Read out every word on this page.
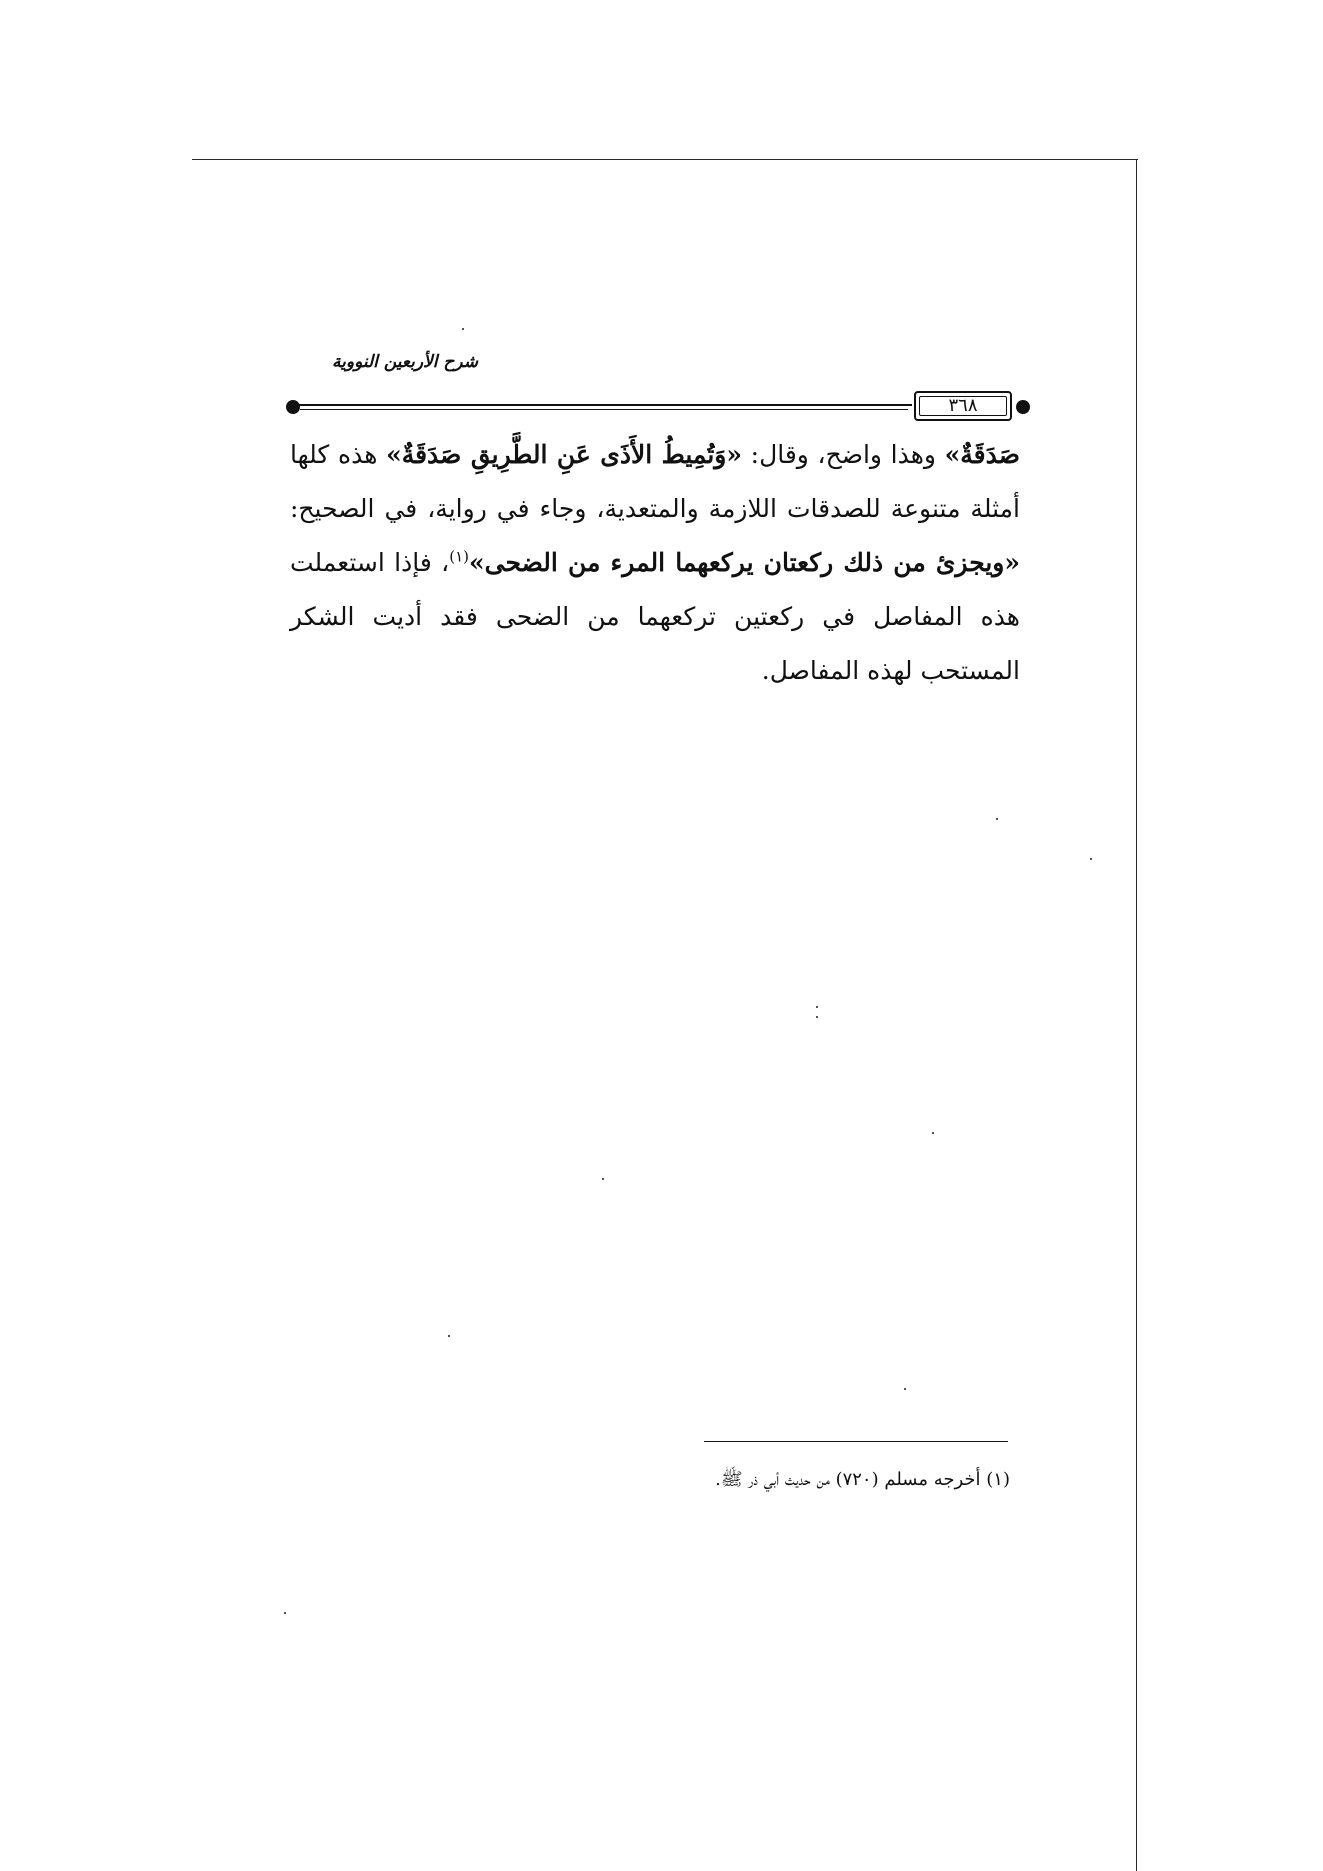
شرح الأربعين النووية
٣٦٨

صَدَقَةٌ» وهذا واضح، وقال: «وَتُمِيطُ الأَذَى عَنِ الطَّرِيقِ صَدَقَةٌ» هذه كلها أمثلة متنوعة للصدقات اللازمة والمتعدية، وجاء في رواية، في الصحيح: «ويجزئ من ذلك ركعتان يركعهما المرء من الضحى»$^{(١)}$، فإذا استعملت هذه المفاصل في ركعتين تركعهما من الضحى فقد أديت الشكر المستحب لهذه المفاصل.

(١) أخرجه مسلم (٧٢٠) من حديث أبي ذر ﷺ.
